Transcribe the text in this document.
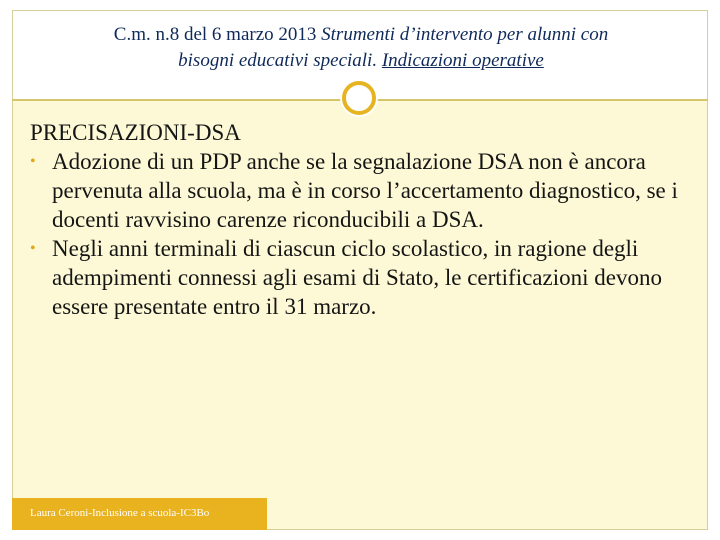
C.m. n.8 del 6 marzo 2013 Strumenti d’intervento per alunni con
bisogni educativi speciali. Indicazioni operative

PRECISAZIONI-DSA

• Adozione di un PDP anche se la segnalazione DSA non è ancora pervenuta alla scuola, ma è in corso l’accertamento diagnostico, se i docenti ravvisino carenze riconducibili a DSA.

• Negli anni terminali di ciascun ciclo scolastico, in ragione degli adempimenti connessi agli esami di Stato, le certificazioni devono essere presentate entro il 31 marzo.

Laura Ceroni-Inclusione a scuola-IC3Bo
